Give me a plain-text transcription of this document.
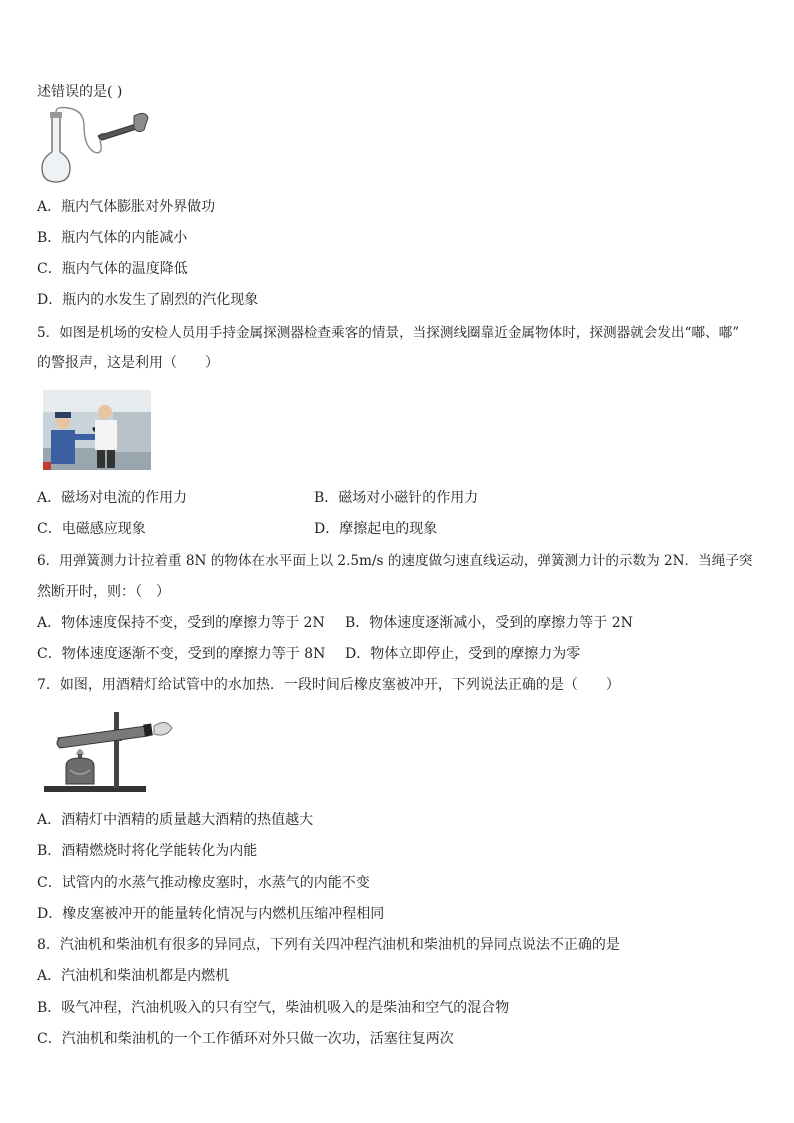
述错误的是( )
A．瓶内气体膨胀对外界做功
B．瓶内气体的内能减小
C．瓶内气体的温度降低
D．瓶内的水发生了剧烈的汽化现象
5．如图是机场的安检人员用手持金属探测器检查乘客的情景，当探测线圈靠近金属物体时，探测器就会发出“嘟、嘟”
的警报声，这是利用（　　）
A．磁场对电流的作用力	B．磁场对小磁针的作用力
C．电磁感应现象	D．摩擦起电的现象
6．用弹簧测力计拉着重 8N 的物体在水平面上以 2.5m/s 的速度做匀速直线运动，弹簧测力计的示数为 2N．当绳子突
然断开时，则：（　）
A．物体速度保持不变，受到的摩擦力等于 2N B．物体速度逐渐减小，受到的摩擦力等于 2N
C．物体速度逐渐不变，受到的摩擦力等于 8N D．物体立即停止，受到的摩擦力为零
7．如图，用酒精灯给试管中的水加热．一段时间后橡皮塞被冲开，下列说法正确的是（　　）
A．酒精灯中酒精的质量越大酒精的热值越大
B．酒精燃烧时将化学能转化为内能
C．试管内的水蒸气推动橡皮塞时，水蒸气的内能不变
D．橡皮塞被冲开的能量转化情况与内燃机压缩冲程相同
8．汽油机和柴油机有很多的异同点，下列有关四冲程汽油机和柴油机的异同点说法不正确的是
A．汽油机和柴油机都是内燃机
B．吸气冲程，汽油机吸入的只有空气，柴油机吸入的是柴油和空气的混合物
C．汽油机和柴油机的一个工作循环对外只做一次功，活塞往复两次
